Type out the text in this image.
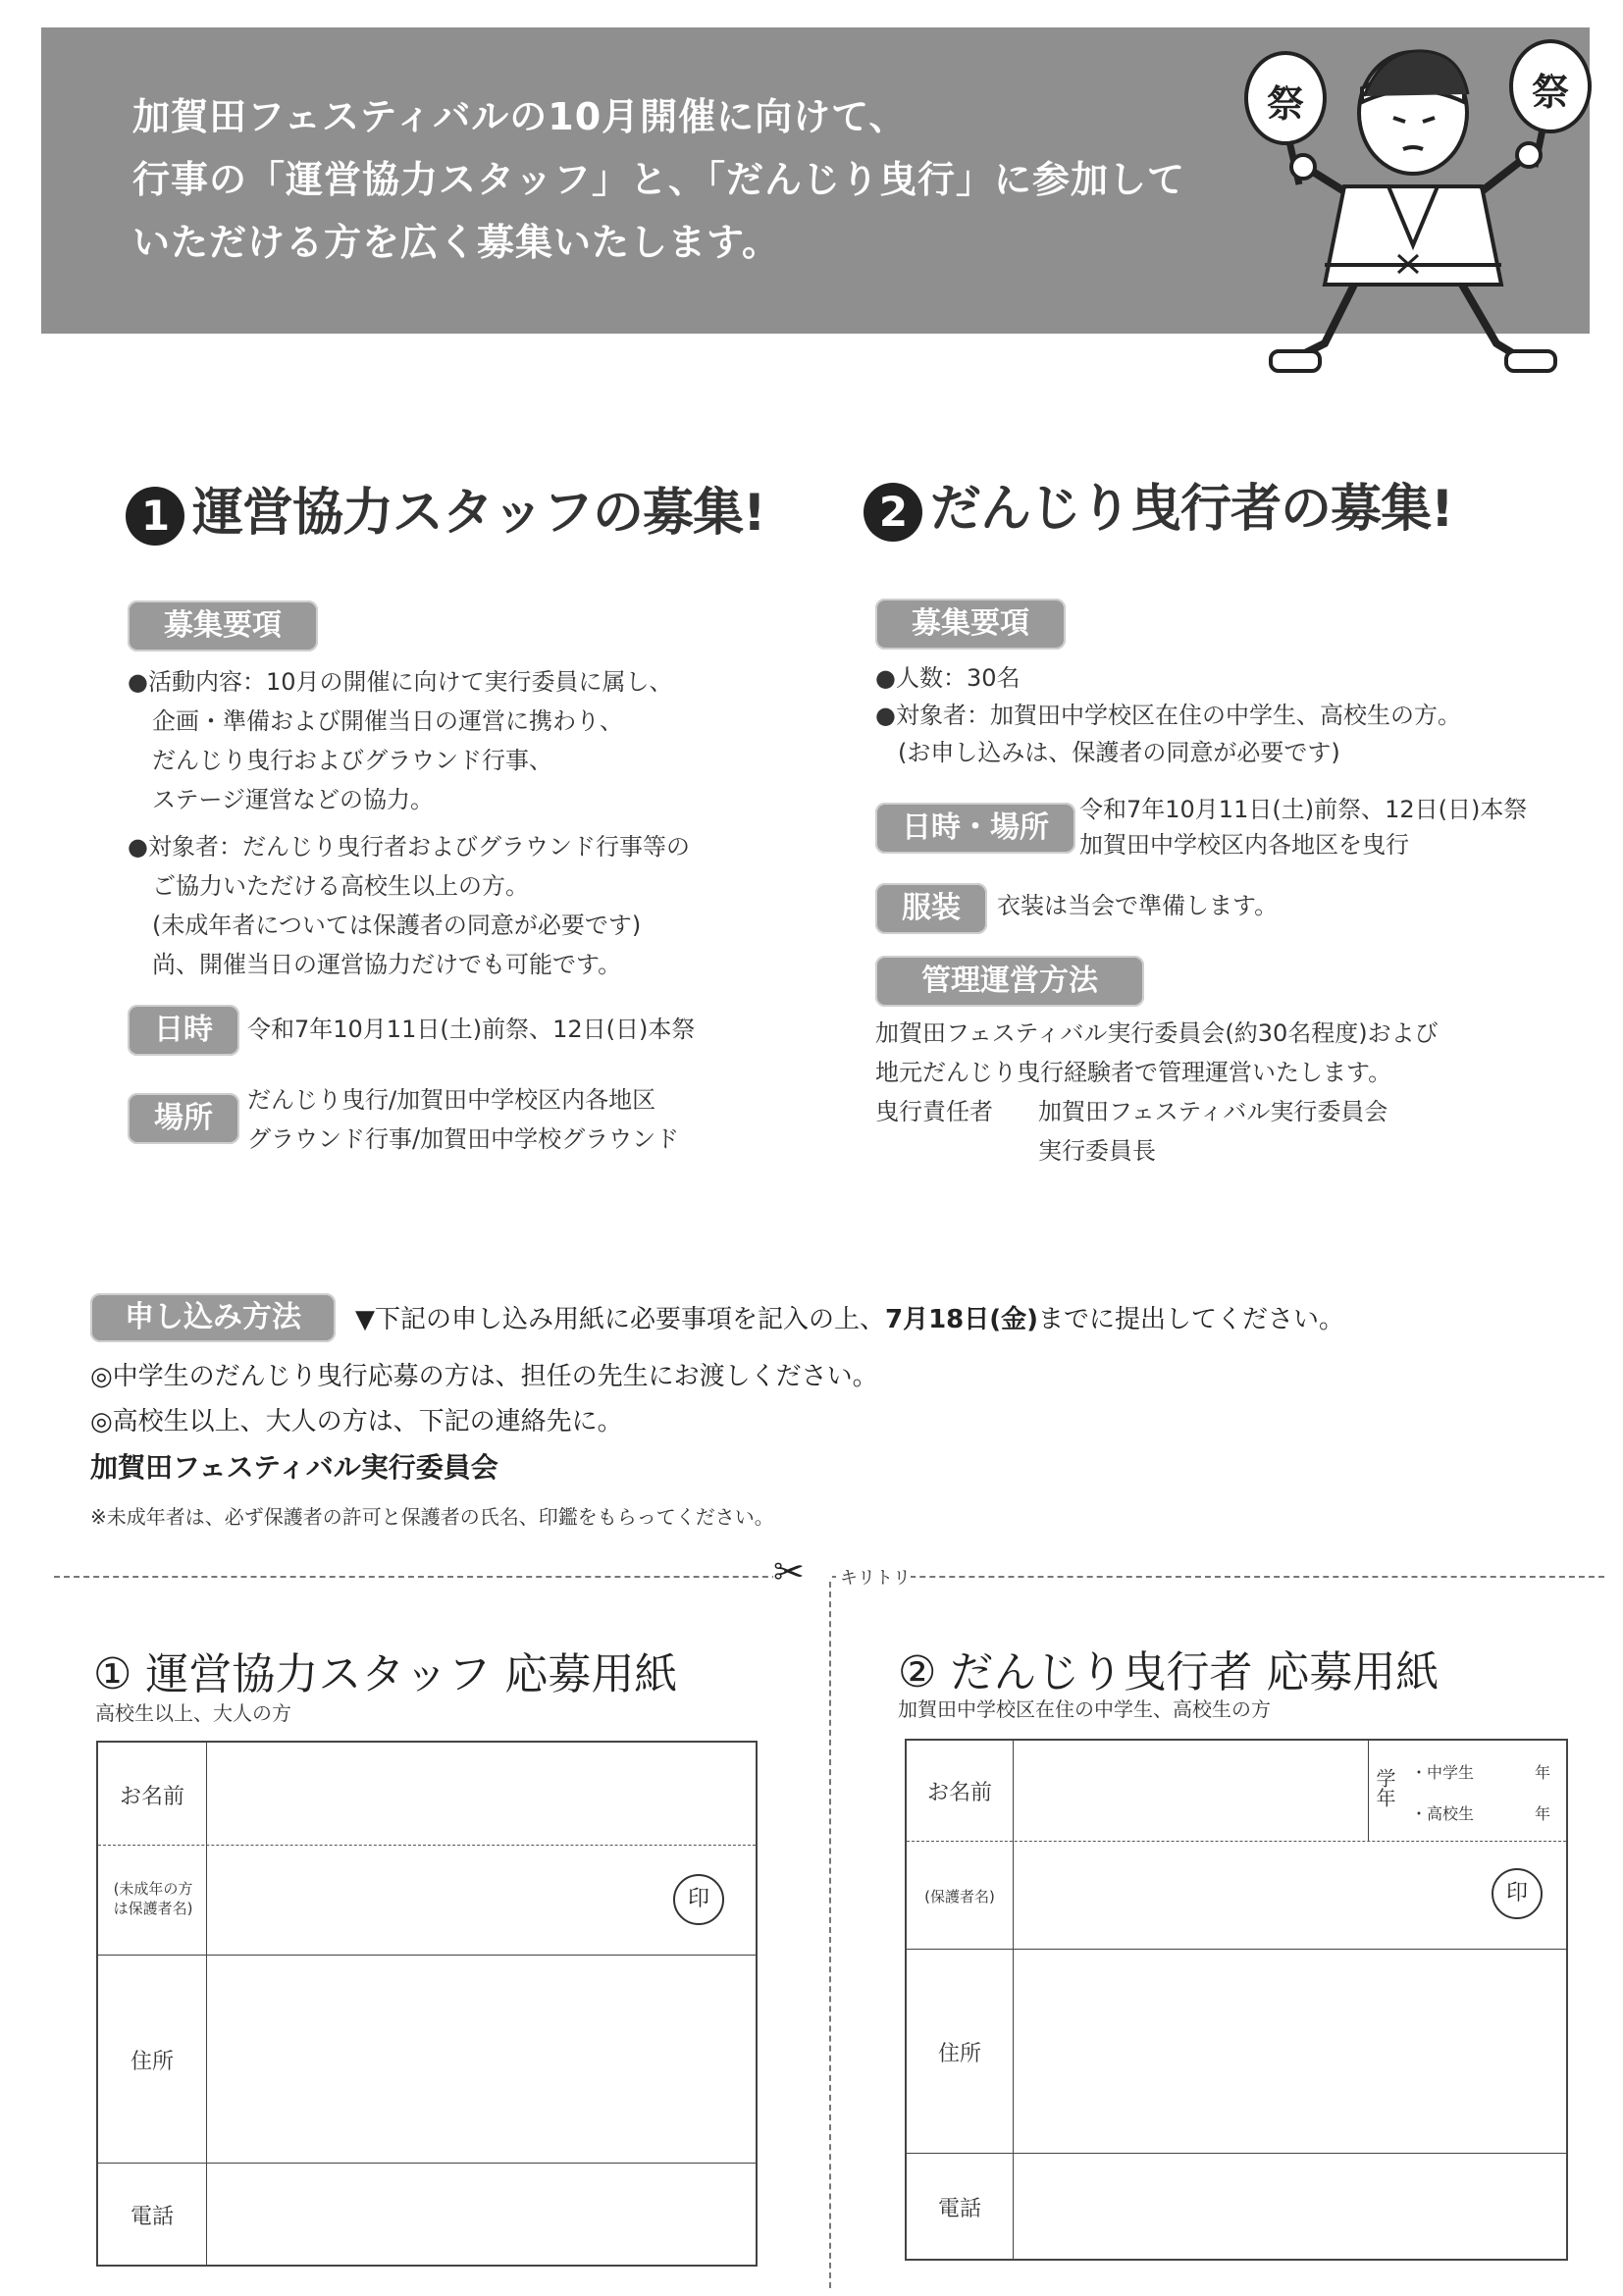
加賀田フェスティバルの10月開催に向けて、
行事の「運営協力スタッフ」と、「だんじり曳行」に参加して
いただける方を広く募集いたします。
祭	祭
1 運営協力スタッフの募集!
募集要項
●活動内容：10月の開催に向けて実行委員に属し、
企画・準備および開催当日の運営に携わり、
だんじり曳行およびグラウンド行事、
ステージ運営などの協力。
●対象者：だんじり曳行者およびグラウンド行事等の
ご協力いただける高校生以上の方。
(未成年者については保護者の同意が必要です)
尚、開催当日の運営協力だけでも可能です。
日時	令和7年10月11日(土)前祭、12日(日)本祭
場所
だんじり曳行/加賀田中学校区内各地区
グラウンド行事/加賀田中学校グラウンド
2 だんじり曳行者の募集!
募集要項
●人数：30名
●対象者：加賀田中学校区在住の中学生、高校生の方。
(お申し込みは、保護者の同意が必要です)
日時・場所
令和7年10月11日(土)前祭、12日(日)本祭
加賀田中学校区内各地区を曳行
服装	衣装は当会で準備します。
管理運営方法
加賀田フェスティバル実行委員会(約30名程度)および
地元だんじり曳行経験者で管理運営いたします。
曳行責任者 加賀田フェスティバル実行委員会
実行委員長
申し込み方法	▼下記の申し込み用紙に必要事項を記入の上、7月18日(金)までに提出してください。
◎中学生のだんじり曳行応募の方は、担任の先生にお渡しください。
◎高校生以上、大人の方は、下記の連絡先に。
加賀田フェスティバル実行委員会
※未成年者は、必ず保護者の許可と保護者の氏名、印鑑をもらってください。
✂ キリトリ
① 運営協力スタッフ 応募用紙
高校生以上、大人の方
お名前
(未成年の方
は保護者名)	印
住所
電話
② だんじり曳行者 応募用紙
加賀田中学校区在住の中学生、高校生の方
お名前	学年 ・中学生	年
・高校生	年
(保護者名)	印
住所
電話
